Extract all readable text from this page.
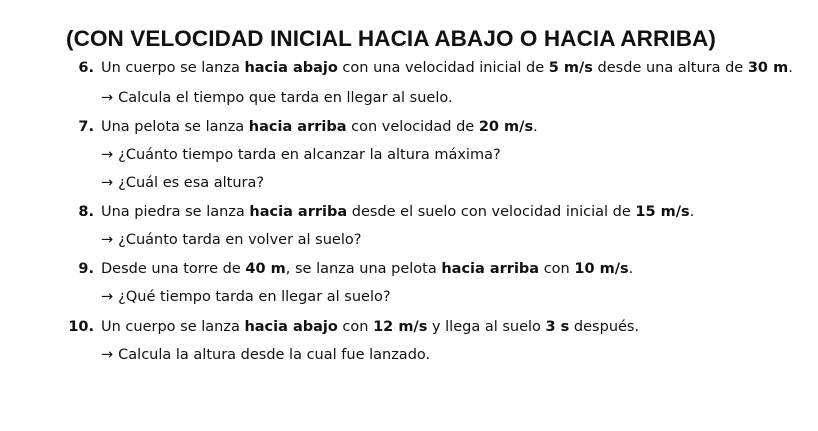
(CON VELOCIDAD INICIAL HACIA ABAJO O HACIA ARRIBA)
6. Un cuerpo se lanza hacia abajo con una velocidad inicial de 5 m/s desde una altura de 30 m.
→ Calcula el tiempo que tarda en llegar al suelo.
7. Una pelota se lanza hacia arriba con velocidad de 20 m/s.
→ ¿Cuánto tiempo tarda en alcanzar la altura máxima?
→ ¿Cuál es esa altura?
8. Una piedra se lanza hacia arriba desde el suelo con velocidad inicial de 15 m/s.
→ ¿Cuánto tarda en volver al suelo?
9. Desde una torre de 40 m, se lanza una pelota hacia arriba con 10 m/s.
→ ¿Qué tiempo tarda en llegar al suelo?
10. Un cuerpo se lanza hacia abajo con 12 m/s y llega al suelo 3 s después.
→ Calcula la altura desde la cual fue lanzado.
